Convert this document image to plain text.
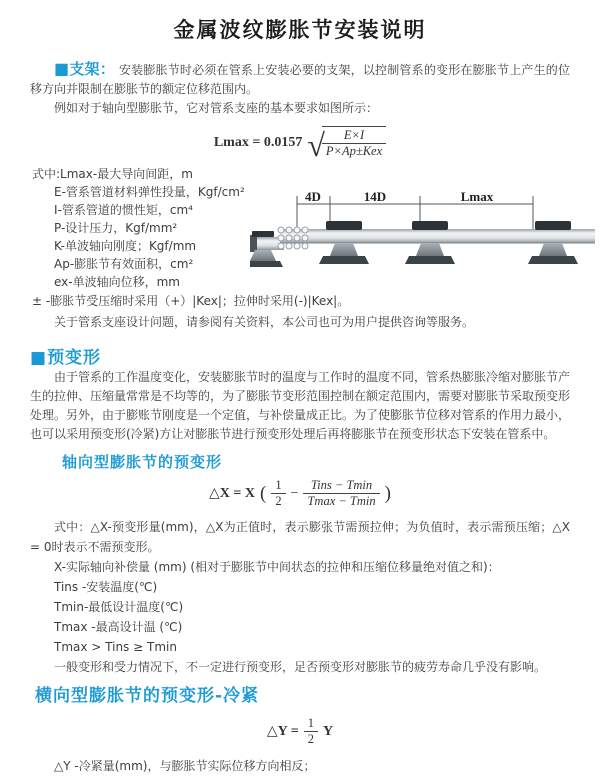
金属波纹膨胀节安装说明

■支架： 安装膨胀节时必须在管系上安装必要的支架，以控制管系的变形在膨胀节上产生的位移方向并限制在膨胀节的额定位移范围内。

例如对于轴向型膨胀节，它对管系支座的基本要求如图所示：

Lmax = 0.0157 √
$\frac{E\times I}{\text{P×Ap±Kex}}$

式中:Lmax-最大导向间距，m

E-管系管道材料弹性投量，Kgf/cm²

I-管系管道的惯性矩，cm⁴

P-设计压力，Kgf/mm²

K-单波轴向刚度；Kgf/mm

Ap-膨胀节有效面积，cm²

ex-单波轴向位移，mm

4D	14D	Lmax

± -膨胀节受压缩时采用（+）|Kex|；拉伸时采用(-)|Kex|。

关于管系支座设计问题，请参阅有关资料，本公司也可为用户提供咨询等服务。

■预变形

由于管系的工作温度变化，安装膨胀节时的温度与工作时的温度不同，管系热膨胀冷缩对膨胀节产生的拉伸、压缩量常常是不均等的，为了膨胀节变形范围控制在额定范围内，需要对膨胀节采取预变形处理。另外，由于膨账节刚度是一个定值，与补偿量成正比。为了使膨胀节位移对管系的作用力最小，也可以采用预变形(冷紧)方让对膨胀节进行预变形处理后再将膨胀节在预变形状态下安装在管系中。

轴向型膨胀节的预变形
△X = X ( $\frac{1}{2} - \frac{\text{Tins − Tmin}}{Tmax - Tmin}$ )

式中：△X-预变形量(mm)，△X为正值时，表示膨张节需预拉伸；为负值时，表示需预压缩；△X = 0时表示不需预变形。

X-实际轴向补偿量 (mm) (相对于膨胀节中间状态的拉伸和压缩位移量绝对值之和)：

Tins -安装温度(℃)

Tmin-最低设计温度(℃)

Tmax -最高设计温 (℃)

Tmax > Tins ≥ Tmin

一般变形和受力情况下，不一定进行预变形，足否预变形对膨胀节的疲劳寿命几乎没有影响。

横向型膨胀节的预变形-冷紧
△Y = $\frac{1}{2}$ Y

△Y -冷紧量(mm)，与膨胀节实际位移方向相反；
